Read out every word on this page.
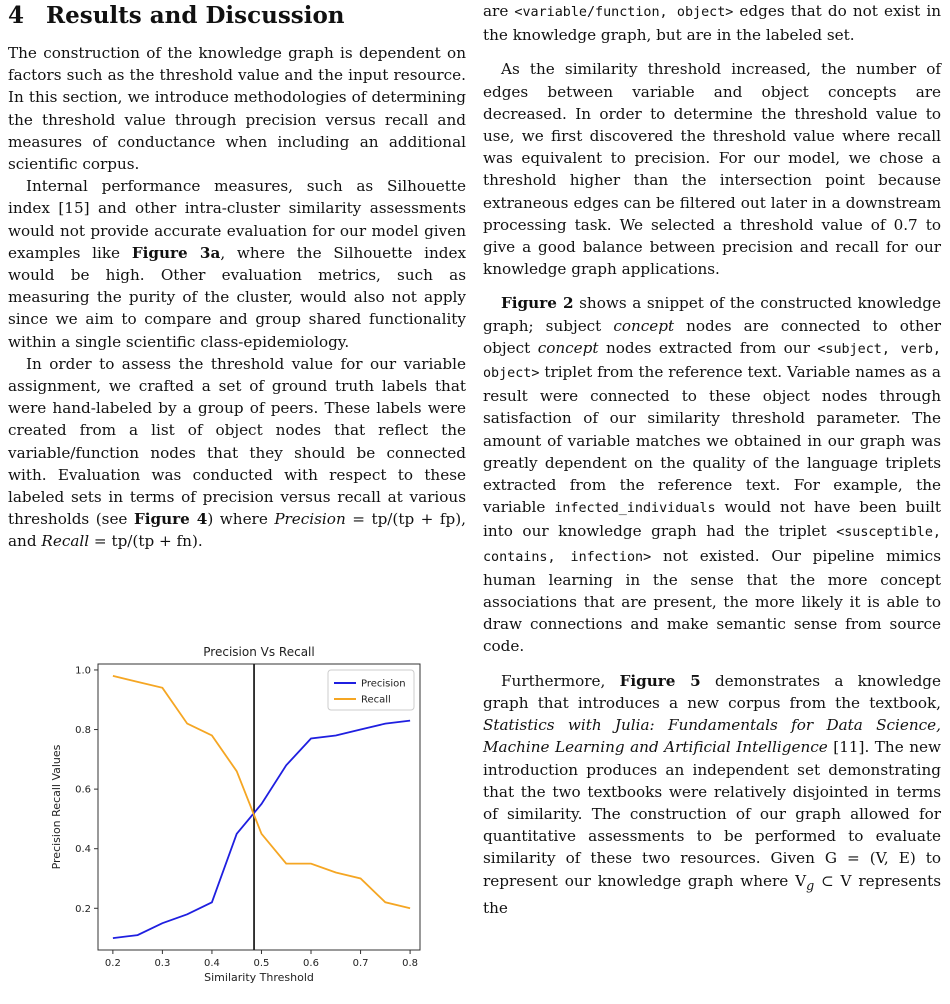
4 Results and Discussion

The construction of the knowledge graph is dependent on factors such as the threshold value and the input resource. In this section, we introduce methodologies of determining the threshold value through precision versus recall and measures of conductance when including an additional scientific corpus.

Internal performance measures, such as Silhouette index [15] and other intra-cluster similarity assessments would not provide accurate evaluation for our model given examples like Figure 3a, where the Silhouette index would be high. Other evaluation metrics, such as measuring the purity of the cluster, would also not apply since we aim to compare and group shared functionality within a single scientific class-epidemiology.

In order to assess the threshold value for our variable assignment, we crafted a set of ground truth labels that were hand-labeled by a group of peers. These labels were created from a list of object nodes that reflect the variable/function nodes that they should be connected with. Evaluation was conducted with respect to these labeled sets in terms of precision versus recall at various thresholds (see Figure 4) where Precision = tp/(tp + fp), and Recall = tp/(tp + fn).

Precision Vs Recall
0.2	0.3	0.4	0.5	0.6	0.7	0.8
0.2
0.4
0.6
0.8
1.0
Similarity Threshold
Precision Recall Values
Precision
Recall

are <variable/function, object> edges that do not exist in the knowledge graph, but are in the labeled set.

As the similarity threshold increased, the number of edges between variable and object concepts are decreased. In order to determine the threshold value to use, we first discovered the threshold value where recall was equivalent to precision. For our model, we chose a threshold higher than the intersection point because extraneous edges can be filtered out later in a downstream processing task. We selected a threshold value of 0.7 to give a good balance between precision and recall for our knowledge graph applications.

Figure 2 shows a snippet of the constructed knowledge graph; subject concept nodes are connected to other object concept nodes extracted from our <subject, verb, object> triplet from the reference text. Variable names as a result were connected to these object nodes through satisfaction of our similarity threshold parameter. The amount of variable matches we obtained in our graph was greatly dependent on the quality of the language triplets extracted from the reference text. For example, the variable infected_individuals would not have been built into our knowledge graph had the triplet <susceptible, contains, infection> not existed. Our pipeline mimics human learning in the sense that the more concept associations that are present, the more likely it is able to draw connections and make semantic sense from source code.

Furthermore, Figure 5 demonstrates a knowledge graph that introduces a new corpus from the textbook, Statistics with Julia: Fundamentals for Data Science, Machine Learning and Artificial Intelligence [11]. The new introduction produces an independent set demonstrating that the two textbooks were relatively disjointed in terms of similarity. The construction of our graph allowed for quantitative assessments to be performed to evaluate similarity of these two resources. Given G = (V, E) to represent our knowledge graph where $V_g$ ⊂ V represents the
